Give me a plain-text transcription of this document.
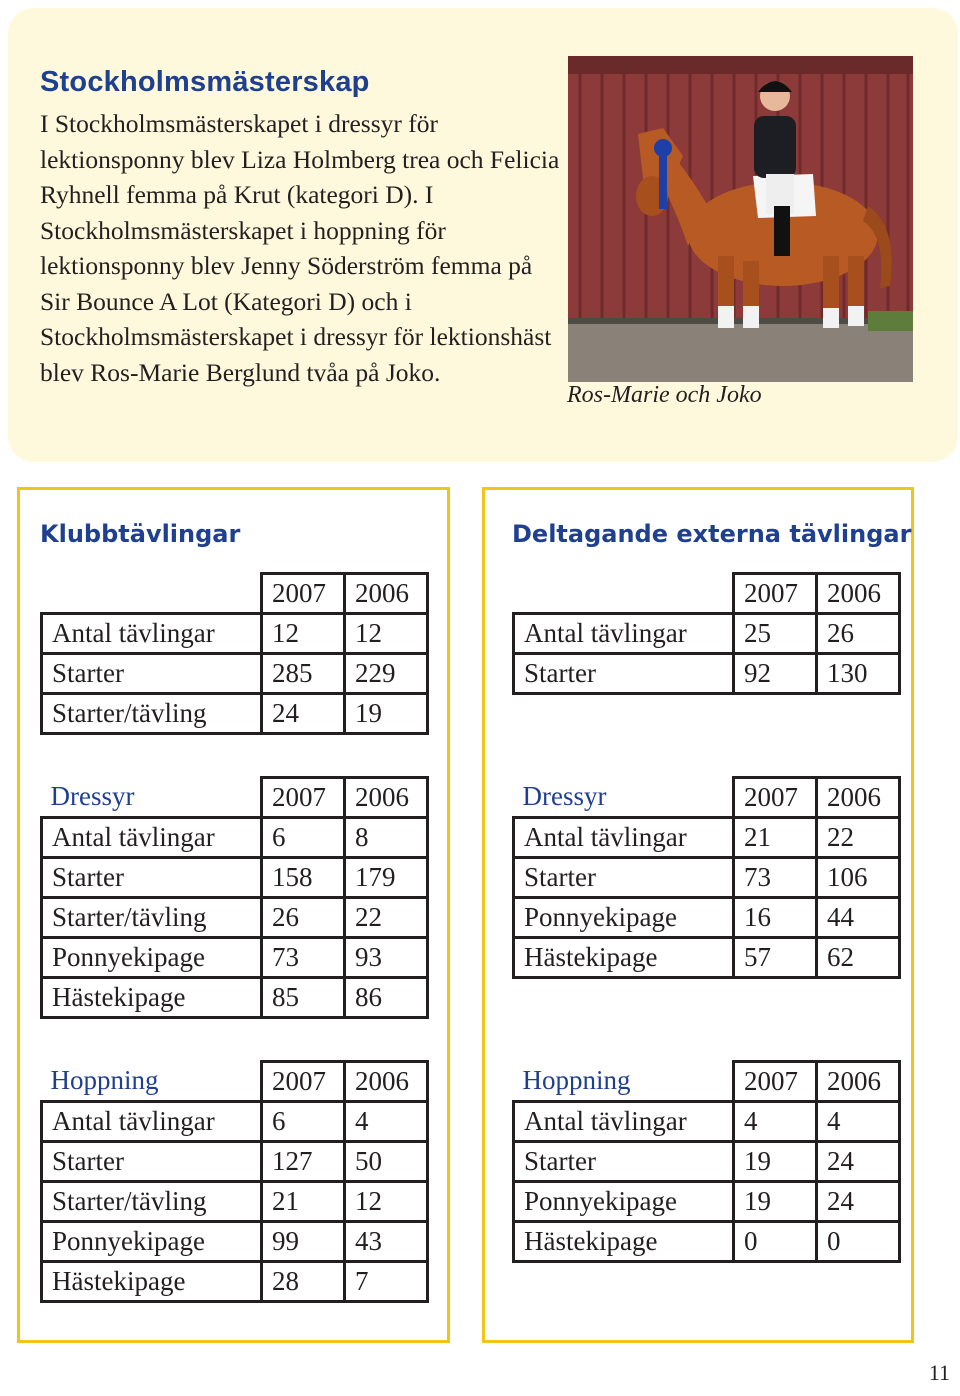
Stockholmsmästerskap
I Stockholmsmästerskapet i dressyr för lektionsponny blev Liza Holmberg trea och Felicia Ryhnell femma på Krut (kategori D). I Stockholmsmästerskapet i hoppning för lektionsponny blev Jenny Söderström femma på Sir Bounce A Lot (Kategori D) och i Stockholmsmästerskapet i dressyr för lektionshäst blev Ros-Marie Berglund tvåa på Joko.
Ros-Marie och Joko
Klubbtävlingar
	2007	2006
Antal tävlingar	12	12
Starter	285	229
Starter/tävling	24	19
Dressyr	2007	2006
Antal tävlingar	6	8
Starter	158	179
Starter/tävling	26	22
Ponnyekipage	73	93
Hästekipage	85	86
Hoppning	2007	2006
Antal tävlingar	6	4
Starter	127	50
Starter/tävling	21	12
Ponnyekipage	99	43
Hästekipage	28	7
Deltagande externa tävlingar
	2007	2006
Antal tävlingar	25	26
Starter	92	130
Dressyr	2007	2006
Antal tävlingar	21	22
Starter	73	106
Ponnyekipage	16	44
Hästekipage	57	62
Hoppning	2007	2006
Antal tävlingar	4	4
Starter	19	24
Ponnyekipage	19	24
Hästekipage	0	0
11
